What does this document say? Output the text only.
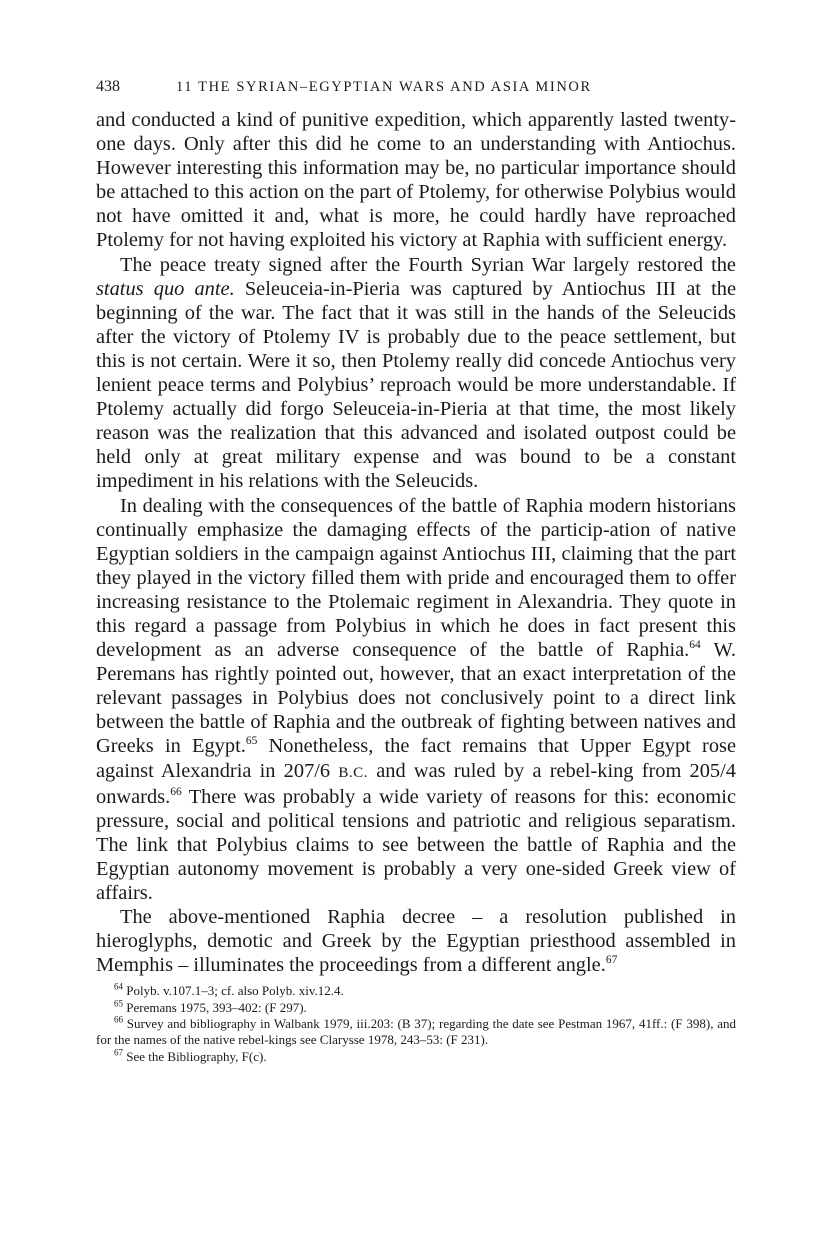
438	11 THE SYRIAN–EGYPTIAN WARS AND ASIA MINOR

and conducted a kind of punitive expedition, which apparently lasted twenty-one days. Only after this did he come to an understanding with Antiochus. However interesting this information may be, no particular importance should be attached to this action on the part of Ptolemy, for otherwise Polybius would not have omitted it and, what is more, he could hardly have reproached Ptolemy for not having exploited his victory at Raphia with sufficient energy.

The peace treaty signed after the Fourth Syrian War largely restored the status quo ante. Seleuceia-in-Pieria was captured by Antiochus III at the beginning of the war. The fact that it was still in the hands of the Seleucids after the victory of Ptolemy IV is probably due to the peace settlement, but this is not certain. Were it so, then Ptolemy really did concede Antiochus very lenient peace terms and Polybius’ reproach would be more understandable. If Ptolemy actually did forgo Seleuceia-in-Pieria at that time, the most likely reason was the realization that this advanced and isolated outpost could be held only at great military expense and was bound to be a constant impediment in his relations with the Seleucids.

In dealing with the consequences of the battle of Raphia modern historians continually emphasize the damaging effects of the particip-ation of native Egyptian soldiers in the campaign against Antiochus III, claiming that the part they played in the victory filled them with pride and encouraged them to offer increasing resistance to the Ptolemaic regiment in Alexandria. They quote in this regard a passage from Polybius in which he does in fact present this development as an adverse consequence of the battle of Raphia.$^{64}$ W. Peremans has rightly pointed out, however, that an exact interpretation of the relevant passages in Polybius does not conclusively point to a direct link between the battle of Raphia and the outbreak of fighting between natives and Greeks in Egypt.$^{65}$ Nonetheless, the fact remains that Upper Egypt rose against Alexandria in 207/6 B.C. and was ruled by a rebel-king from 205/4 onwards.$^{66}$ There was probably a wide variety of reasons for this: economic pressure, social and political tensions and patriotic and religious separatism. The link that Polybius claims to see between the battle of Raphia and the Egyptian autonomy movement is probably a very one-sided Greek view of affairs.

The above-mentioned Raphia decree – a resolution published in hieroglyphs, demotic and Greek by the Egyptian priesthood assembled in Memphis – illuminates the proceedings from a different angle.$^{67}$

$^{64}$ Polyb. v.107.1–3; cf. also Polyb. xiv.12.4.

$^{65}$ Peremans 1975, 393–402: (F 297).

$^{66}$ Survey and bibliography in Walbank 1979, iii.203: (B 37); regarding the date see Pestman 1967, 41ff.: (F 398), and for the names of the native rebel-kings see Clarysse 1978, 243–53: (F 231).

$^{67}$ See the Bibliography, F(c).
